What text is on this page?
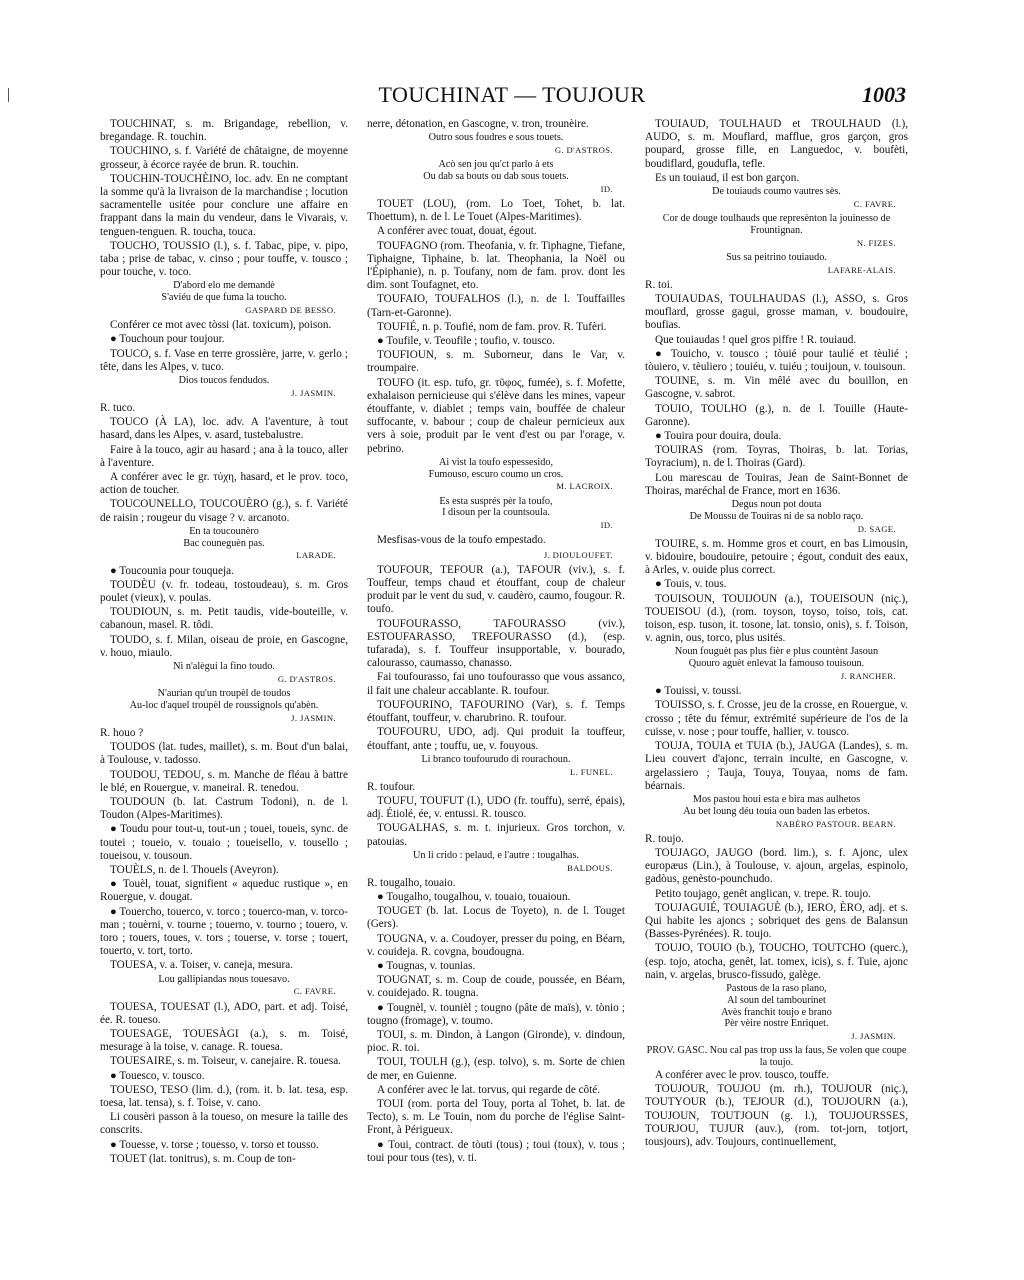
TOUCHINAT — TOUJOUR	1003

TOUCHINAT, s. m. Brigandage, rebellion, v. bregandage. R. touchin.

TOUCHINO, s. f. Variété de châtaigne, de moyenne grosseur, à écorce rayée de brun. R. touchin.

TOUCHIN-TOUCHÈINO, loc. adv. En ne comptant la somme qu'à la livraison de la marchandise ; locution sacramentelle usitée pour conclure une affaire en frappant dans la main du vendeur, dans le Vivarais, v. tenguen-tenguen. R. toucha, touca.

TOUCHO, TOUSSIO (l.), s. f. Tabac, pipe, v. pipo, taba ; prise de tabac, v. cinso ; pour touffe, v. tousco ; pour touche, v. toco.

D'abord elo me demandè

S'aviéu de que fuma la toucho.

GASPARD DE BESSO.

Conférer ce mot avec tòssi (lat. toxicum), poison.

● Touchoun pour toujour.

TOUCO, s. f. Vase en terre grossière, jarre, v. gerlo ; tête, dans les Alpes, v. tuco.

Dios toucos fendudos.

J. JASMIN.

R. tuco.

TOUCO (À LA), loc. adv. A l'aventure, à tout hasard, dans les Alpes, v. asard, tustebalustre.

Faire à la touco, agir au hasard ; ana à la touco, aller à l'aventure.

A conférer avec le gr. τύχη, hasard, et le prov. toco, action de toucher.

TOUCOUNELLO, TOUCOUÈRO (g.), s. f. Variété de raisin ; rougeur du visage ? v. arcanoto.

En ta toucounèro

Bac couneguèn pas.

LARADE.

● Toucounia pour touqueja.

TOUDÈU (v. fr. todeau, tostoudeau), s. m. Gros poulet (vieux), v. poulas.

TOUDIOUN, s. m. Petit taudis, vide-bouteille, v. cabanoun, masel. R. tôdi.

TOUDO, s. f. Milan, oiseau de proie, en Gascogne, v. houo, miaulo.

Ni n'alègui la fino toudo.

G. D'ASTROS.

N'aurian qu'un troupèl de toudos

Au-loc d'aquel troupèl de roussignols qu'abèn.

J. JASMIN.

R. houo ?

TOUDOS (lat. tudes, maillet), s. m. Bout d'un balai, à Toulouse, v. tadosso.

TOUDOU, TEDOU, s. m. Manche de fléau à battre le blé, en Rouergue, v. maneiral. R. tenedou.

TOUDOUN (b. lat. Castrum Todoni), n. de l. Toudon (Alpes-Maritimes).

● Toudu pour tout-u, tout-un ; touei, toueis, sync. de toutei ; toueio, v. touaio ; toueisello, v. tousello ; toueisou, v. tousoun.

TOUÈLS, n. de l. Thouels (Aveyron).

● Touèl, touat, signifient « aqueduc rustique », en Rouergue, v. dougat.

● Touercho, touerco, v. torco ; touerco-man, v. torco-man ; touèrni, v. tourne ; touerno, v. tourno ; touero, v. toro ; touers, toues, v. tors ; touerse, v. torse ; touert, touerto, v. tort, torto.

TOUESA, v. a. Toiser, v. caneja, mesura.

Lou gallipiandas nous touesavo.

C. FAVRE.

TOUESA, TOUESAT (l.), ADO, part. et adj. Toisé, ée. R. toueso.

TOUESAGE, TOUESÀGI (a.), s. m. Toisé, mesurage à la toise, v. canage. R. touesa.

TOUESAIRE, s. m. Toiseur, v. canejaire. R. touesa.

● Touesco, v. tousco.

TOUESO, TESO (lim. d.), (rom. it. b. lat. tesa, esp. toesa, lat. tensa), s. f. Toise, v. cano.

Li cousèri passon à la toueso, on mesure la taille des conscrits.

● Touesse, v. torse ; touesso, v. torso et tousso.

TOUET (lat. tonitrus), s. m. Coup de ton-

nerre, détonation, en Gascogne, v. tron, trounèire.

Outro sous foudres e sous touets.

G. D'ASTROS.

Acò sen jou qu'ct parlo à ets

Ou dab sa bouts ou dab sous touets.

ID.

TOUET (LOU), (rom. Lo Toet, Tohet, b. lat. Thoettum), n. de l. Le Touet (Alpes-Maritimes).

A conférer avec touat, douat, égout.

TOUFAGNO (rom. Theofania, v. fr. Tiphagne, Tiefane, Tiphaigne, Tiphaine, b. lat. Theophania, la Noël ou l'Épiphanie), n. p. Toufany, nom de fam. prov. dont les dim. sont Toufagnet, eto.

TOUFAIO, TOUFALHOS (l.), n. de l. Touffailles (Tarn-et-Garonne).

TOUFIÉ, n. p. Toufié, nom de fam. prov. R. Tufèri.

● Toufile, v. Teoufile ; toufio, v. tousco.

TOUFIOUN, s. m. Suborneur, dans le Var, v. troumpaire.

TOUFO (it. esp. tufo, gr. τῦφος, fumée), s. f. Mofette, exhalaison pernicieuse qui s'élève dans les mines, vapeur étouffante, v. diablet ; temps vain, bouffée de chaleur suffocante, v. babour ; coup de chaleur pernicieux aux vers à soie, produit par le vent d'est ou par l'orage, v. pebrino.

Ai vist la toufo espessesido,

Fumouso, escuro coumo un cros.

M. LACROIX.

Es esta susprés pèr la toufo,

I disoun per la countsoula.

ID.

Mesfisas-vous de la toufo empestado.

J. DIOULOUFET.

TOUFOUR, TEFOUR (a.), TAFOUR (viv.), s. f. Touffeur, temps chaud et étouffant, coup de chaleur produit par le vent du sud, v. caudèro, caumo, fougour. R. toufo.

TOUFOURASSO, TAFOURASSO (viv.), ESTOUFARASSO, TREFOURASSO (d.), (esp. tufarada), s. f. Touffeur insupportable, v. bourado, calourasso, caumasso, chanasso.

Fai toufourasso, fai uno toufourasso que vous assanco, il fait une chaleur accablante. R. toufour.

TOUFOURINO, TAFOURINO (Var), s. f. Temps étouffant, touffeur, v. charubrino. R. toufour.

TOUFOURU, UDO, adj. Qui produit la touffeur, étouffant, ante ; touffu, ue, v. fouyous.

Li branco toufourudo di rourachoun.

L. FUNEL.

R. toufour.

TOUFU, TOUFUT (l.), UDO (fr. touffu), serré, épais), adj. Étiolé, ée, v. entussi. R. tousco.

TOUGALHAS, s. m. t. injurieux. Gros torchon, v. patouias.

Un li crido : pelaud, e l'autre : tougalhas.

BALDOUS.

R. tougalho, touaio.

● Tougalho, tougalhou, v. touaio, touaioun.

TOUGET (b. lat. Locus de Toyeto), n. de l. Touget (Gers).

TOUGNA, v. a. Coudoyer, presser du poing, en Béarn, v. couideja. R. covgna, boudougna.

● Tougnas, v. tounias.

TOUGNAT, s. m. Coup de coude, poussée, en Béarn, v. couidejado. R. tougna.

● Tougnèl, v. tounièl ; tougno (pâte de maïs), v. tònio ; tougno (fromage), v. toumo.

TOUI, s. m. Dindon, à Langon (Gironde), v. dindoun, pioc. R. toi.

TOUI, TOULH (g.), (esp. tolvo), s. m. Sorte de chien de mer, en Guienne.

A conférer avec le lat. torvus, qui regarde de côté.

TOUI (rom. porta del Touy, porta al Tohet, b. lat. de Tecto), s. m. Le Touin, nom du porche de l'église Saint-Front, à Périgueux.

● Toui, contract. de tòuti (tous) ; toui (toux), v. tous ; toui pour tous (tes), v. ti.

TOUIAUD, TOULHAUD et TROULHAUD (l.), AUDO, s. m. Mouflard, mafflue, gros garçon, gros poupard, grosse fille, en Languedoc, v. boufèti, boudiflard, goudufla, tefle.

Es un touiaud, il est bon garçon.

De touiauds coumo vautres sès.

C. FAVRE.

Cor de douge toulhauds que represènton la jouinesso de Frountignan.

N. FIZES.

Sus sa peitrino touiaudo.

LAFARE-ALAIS.

R. toi.

TOUIAUDAS, TOULHAUDAS (l.), ASSO, s. Gros mouflard, grosse gagui, grosse maman, v. boudouire, boufias.

Que touiaudas ! quel gros piffre ! R. touiaud.

● Touicho, v. tousco ; tòuié pour taulié et tèulié ; tòuiero, v. tèuliero ; touiéu, v. tuiéu ; touijoun, v. touisoun.

TOUINE, s. m. Vin mêlé avec du bouillon, en Gascogne, v. sabrot.

TOUIO, TOULHO (g.), n. de l. Touille (Haute-Garonne).

● Touira pour douira, doula.

TOUIRAS (rom. Toyras, Thoiras, b. lat. Torias, Toyracium), n. de l. Thoiras (Gard).

Lou marescau de Touiras, Jean de Saint-Bonnet de Thoiras, maréchal de France, mort en 1636.

Degus noun pot douta

De Moussu de Touiras ni de sa noblo raço.

D. SAGE.

TOUIRE, s. m. Homme gros et court, en bas Limousin, v. bidouire, boudouire, petouire ; égout, conduit des eaux, à Arles, v. ouide plus correct.

● Touis, v. tous.

TOUISOUN, TOUIJOUN (a.), TOUEISOUN (niç.), TOUEISOU (d.), (rom. toyson, toyso, toiso, tois, cat. toison, esp. tuson, it. tosone, lat. tonsio, onis), s. f. Toison, v. agnin, ous, torco, plus usités.

Noun fouguèt pas plus fièr e plus countènt Jasoun

Quouro aguèt enlevat la famouso touisoun.

J. RANCHER.

● Touissi, v. toussi.

TOUISSO, s. f. Crosse, jeu de la crosse, en Rouergue, v. crosso ; tête du fémur, extrémité supérieure de l'os de la cuisse, v. nose ; pour touffe, hallier, v. tousco.

TOUJA, TOUIA et TUIA (b.), JAUGA (Landes), s. m. Lieu couvert d'ajonc, terrain inculte, en Gascogne, v. argelassiero ; Tauja, Touya, Touyaa, noms de fam. béarnais.

Mos pastou houi esta e bira mas aulhetos

Au bet loung déu touia oun baden las erbetos.

NABÈRO PASTOUR. BEARN.

R. toujo.

TOUJAGO, JAUGO (bord. lim.), s. f. Ajonc, ulex europæus (Lin.), à Toulouse, v. ajoun, argelas, espinolo, gadòus, genèsto-pounchudo.

Petito toujago, genêt anglican, v. trepe. R. toujo.

TOUJAGUIÉ, TOUIAGUÈ (b.), IERO, ÈRO, adj. et s. Qui habite les ajoncs ; sobriquet des gens de Balansun (Basses-Pyrénées). R. toujo.

TOUJO, TOUIO (b.), TOUCHO, TOUTCHO (querc.), (esp. tojo, atocha, genêt, lat. tomex, icis), s. f. Tuie, ajonc nain, v. argelas, brusco-fissudo, galège.

Pastous de la raso plano,

Al soun del tambourinet

Avès franchit toujo e brano

Pèr vèire nostre Enriquet.

J. JASMIN.

PROV. GASC. Nou cal pas trop uss la faus, Se volen que coupe la toujo.

A conférer avec le prov. tousco, touffe.

TOUJOUR, TOUJOU (m. rh.), TOUJOUR (niç.), TOUTYOUR (b.), TEJOUR (d.), TOUJOURN (a.), TOUJOUN, TOUTJOUN (g. l.), TOUJOURSSES, TOURJOU, TUJUR (auv.), (rom. tot-jorn, totjort, tousjours), adv. Toujours, continuellement,
